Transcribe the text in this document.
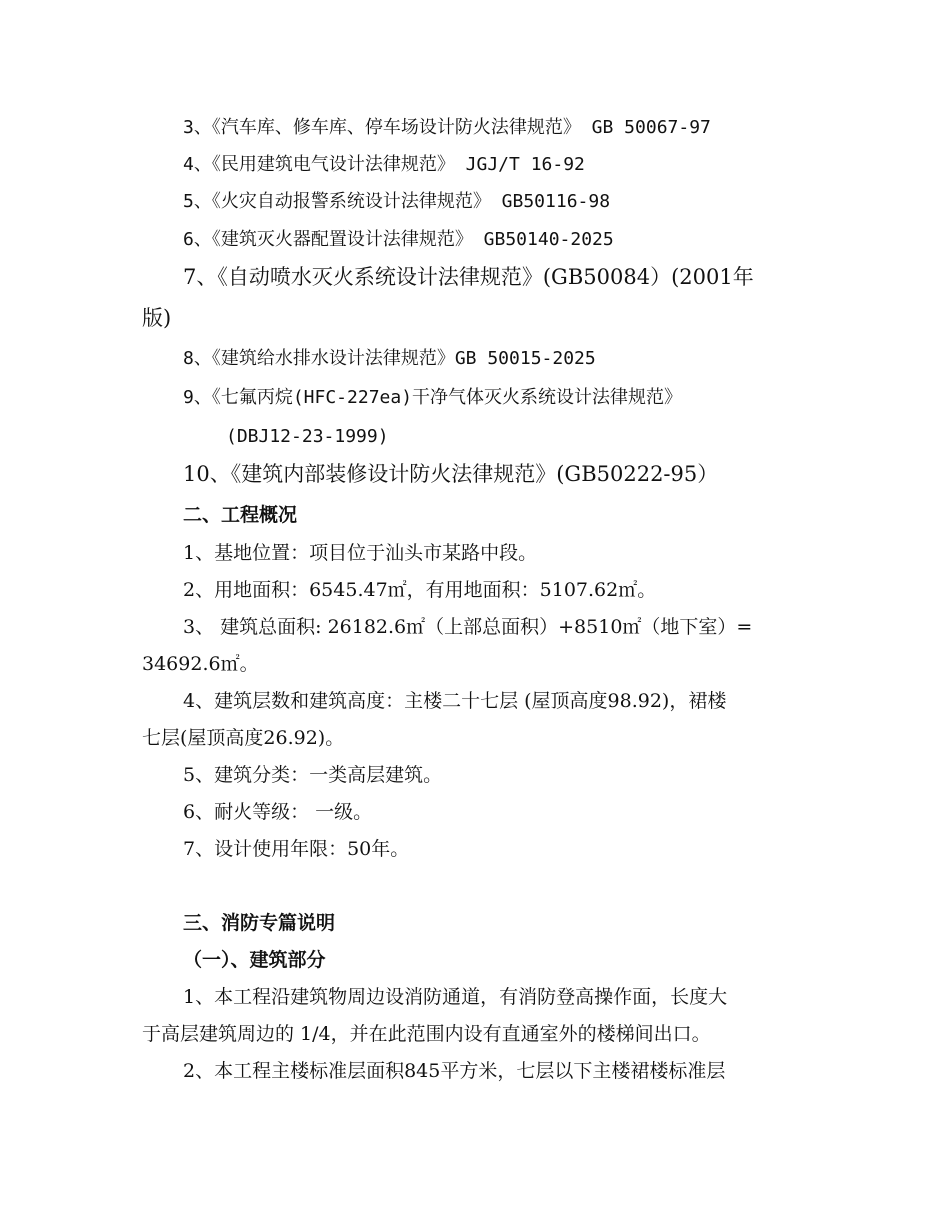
3、《汽车库、修车库、停车场设计防火法律规范》 GB 50067-97
4、《民用建筑电气设计法律规范》 JGJ/T 16-92
5、《火灾自动报警系统设计法律规范》 GB50116-98
6、《建筑灭火器配置设计法律规范》 GB50140-2025
7、《自动喷水灭火系统设计法律规范》(GB50084）(2001年
版)
8、《建筑给水排水设计法律规范》GB 50015-2025
9、《七氟丙烷(HFC-227ea)干净气体灭火系统设计法律规范》
(DBJ12-23-1999)
10、《建筑内部装修设计防火法律规范》(GB50222-95）
二、工程概况
1、基地位置：项目位于汕头市某路中段。
2、用地面积：6545.47㎡，有用地面积：5107.62㎡。
3、 建筑总面积: 26182.6㎡（上部总面积）+8510㎡（地下室）=
34692.6㎡。
4、建筑层数和建筑高度：主楼二十七层 (屋顶高度98.92)，裙楼
七层(屋顶高度26.92)。
5、建筑分类：一类高层建筑。
6、耐火等级： 一级。
7、设计使用年限：50年。
三、消防专篇说明
（一）、建筑部分
1、本工程沿建筑物周边设消防通道，有消防登高操作面，长度大
于高层建筑周边的 1/4，并在此范围内设有直通室外的楼梯间出口。
2、本工程主楼标准层面积845平方米，七层以下主楼裙楼标准层
